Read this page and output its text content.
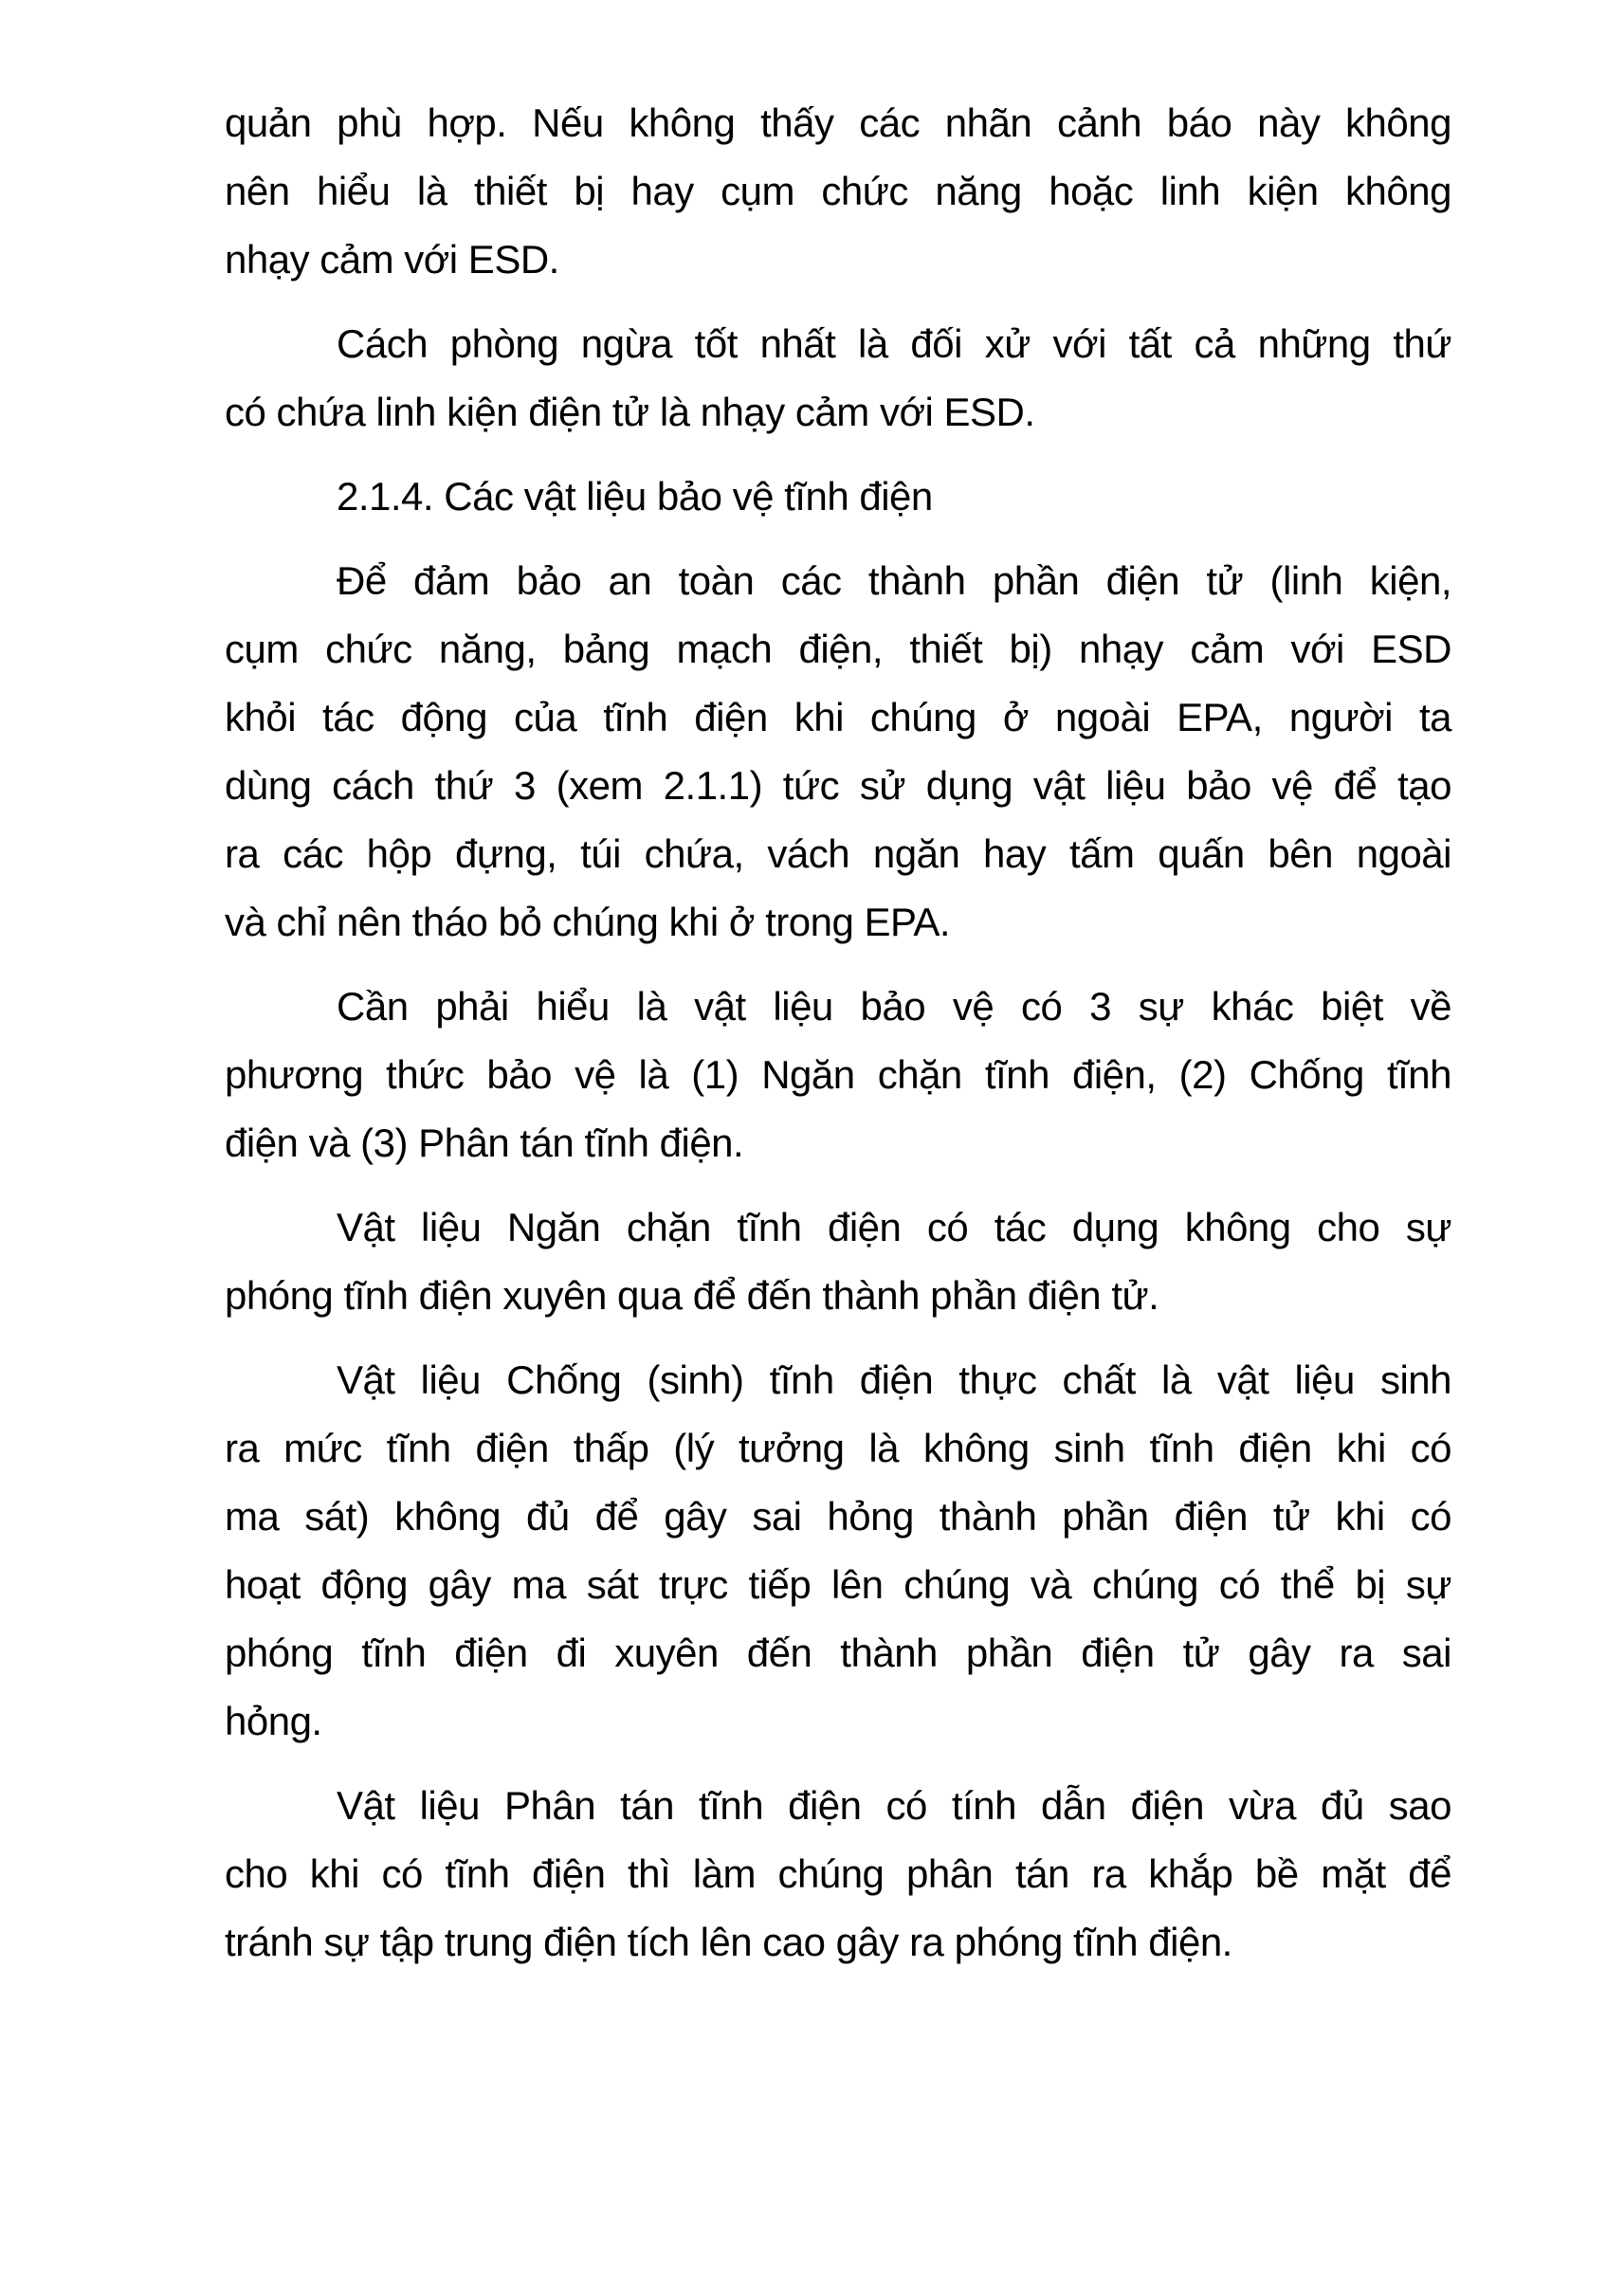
quản phù hợp. Nếu không thấy các nhãn cảnh báo này không
nên hiểu là thiết bị hay cụm chức năng hoặc linh kiện không
nhạy cảm với ESD.
Cách phòng ngừa tốt nhất là đối xử với tất cả những thứ
có chứa linh kiện điện tử là nhạy cảm với ESD.
2.1.4. Các vật liệu bảo vệ tĩnh điện
Để đảm bảo an toàn các thành phần điện tử (linh kiện,
cụm chức năng, bảng mạch điện, thiết bị) nhạy cảm với ESD
khỏi tác động của tĩnh điện khi chúng ở ngoài EPA, người ta
dùng cách thứ 3 (xem 2.1.1) tức sử dụng vật liệu bảo vệ để tạo
ra các hộp đựng, túi chứa, vách ngăn hay tấm quấn bên ngoài
và chỉ nên tháo bỏ chúng khi ở trong EPA.
Cần phải hiểu là vật liệu bảo vệ có 3 sự khác biệt về
phương thức bảo vệ là (1) Ngăn chặn tĩnh điện, (2) Chống tĩnh
điện và (3) Phân tán tĩnh điện.
Vật liệu Ngăn chặn tĩnh điện có tác dụng không cho sự
phóng tĩnh điện xuyên qua để đến thành phần điện tử.
Vật liệu Chống (sinh) tĩnh điện thực chất là vật liệu sinh
ra mức tĩnh điện thấp (lý tưởng là không sinh tĩnh điện khi có
ma sát) không đủ để gây sai hỏng thành phần điện tử khi có
hoạt động gây ma sát trực tiếp lên chúng và chúng có thể bị sự
phóng tĩnh điện đi xuyên đến thành phần điện tử gây ra sai
hỏng.
Vật liệu Phân tán tĩnh điện có tính dẫn điện vừa đủ sao
cho khi có tĩnh điện thì làm chúng phân tán ra khắp bề mặt để
tránh sự tập trung điện tích lên cao gây ra phóng tĩnh điện.
